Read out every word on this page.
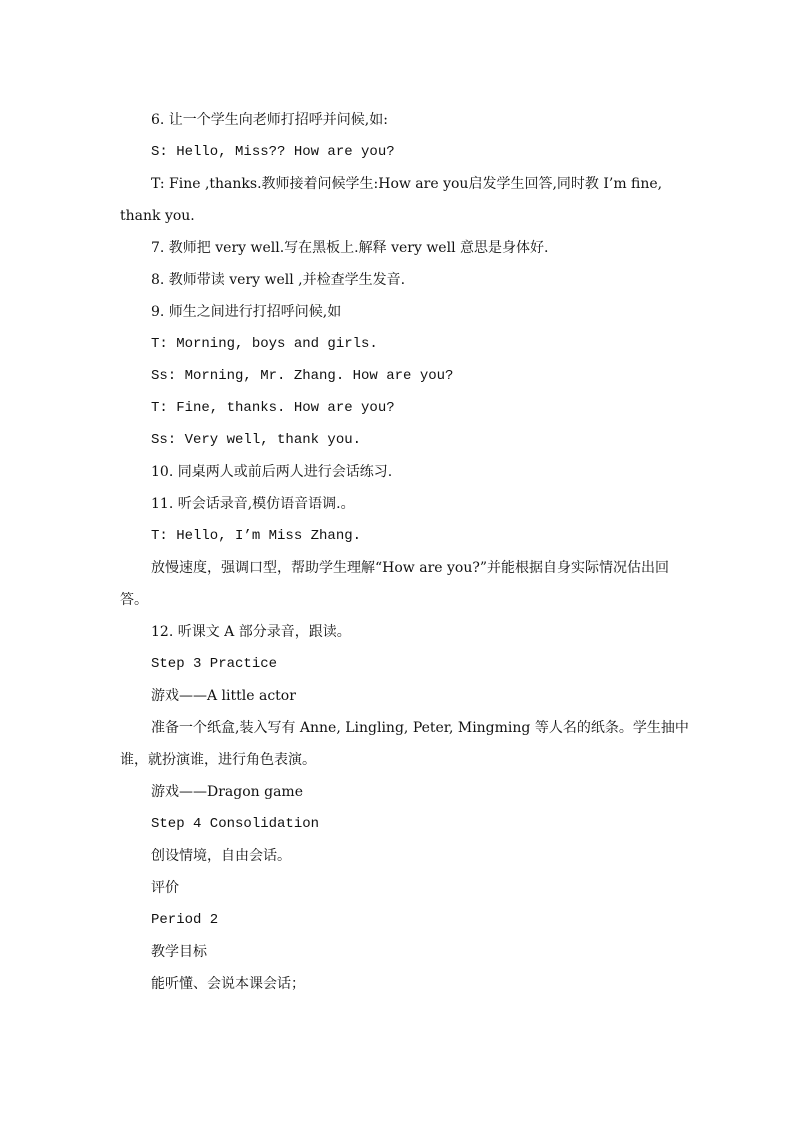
6. 让一个学生向老师打招呼并问候,如:

S: Hello, Miss?? How are you?

T: Fine ,thanks.教师接着问候学生:How are you启发学生回答,同时教 I’m fine, thank you.

7. 教师把 very well.写在黑板上.解释 very well 意思是身体好.

8. 教师带读 very well ,并检查学生发音.

9. 师生之间进行打招呼问候,如

T: Morning, boys and girls.

Ss: Morning, Mr. Zhang. How are you?

T: Fine, thanks. How are you?

Ss: Very well, thank you.

10. 同桌两人或前后两人进行会话练习.

11. 听会话录音,模仿语音语调.。

T: Hello, I’m Miss Zhang.

放慢速度，强调口型，帮助学生理解“How are you?”并能根据自身实际情况估出回答。

12. 听课文 A 部分录音，跟读。

Step 3 Practice

游戏——A little actor

准备一个纸盒,装入写有 Anne, Lingling, Peter, Mingming 等人名的纸条。学生抽中谁，就扮演谁，进行角色表演。

游戏——Dragon game

Step 4 Consolidation

创设情境，自由会话。

评价

Period 2

教学目标

能听懂、会说本课会话；
